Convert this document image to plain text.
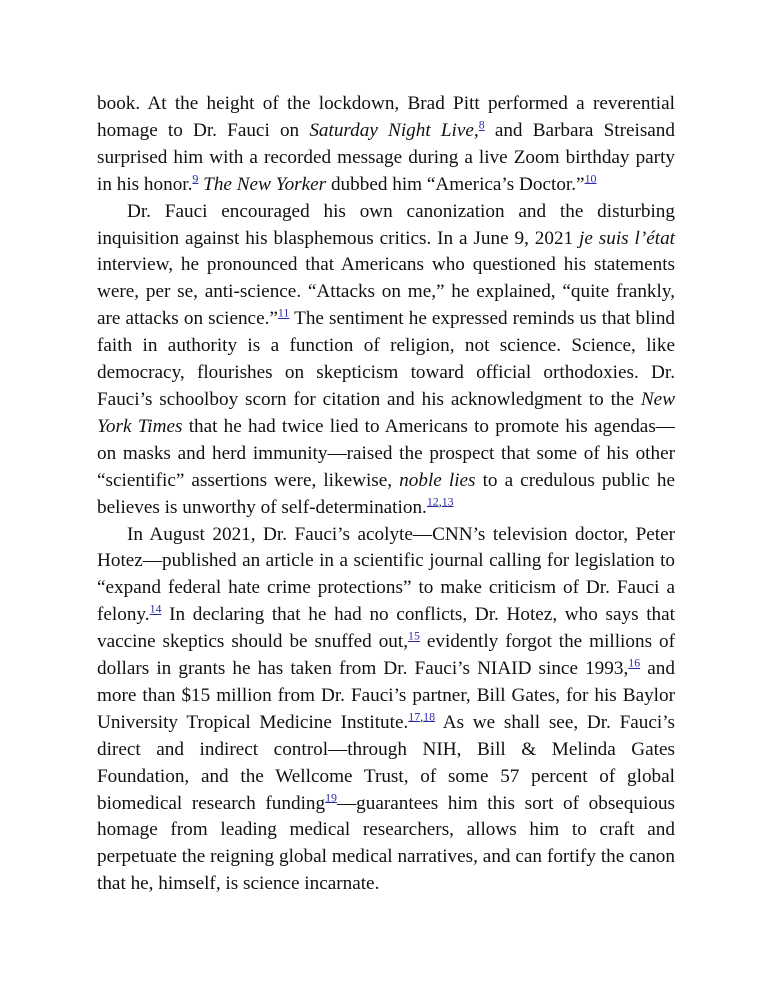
book. At the height of the lockdown, Brad Pitt performed a reverential homage to Dr. Fauci on Saturday Night Live,$^8$ and Barbara Streisand surprised him with a recorded message during a live Zoom birthday party in his honor.$^9$ The New Yorker dubbed him “America’s Doctor.”$^{10}$

Dr. Fauci encouraged his own canonization and the disturbing inquisition against his blasphemous critics. In a June 9, 2021 je suis l’état interview, he pronounced that Americans who questioned his statements were, per se, anti-science. “Attacks on me,” he explained, “quite frankly, are attacks on science.”$^{11}$ The sentiment he expressed reminds us that blind faith in authority is a function of religion, not science. Science, like democracy, flourishes on skepticism toward official orthodoxies. Dr. Fauci’s schoolboy scorn for citation and his acknowledgment to the New York Times that he had twice lied to Americans to promote his agendas—on masks and herd immunity—raised the prospect that some of his other “scientific” assertions were, likewise, noble lies to a credulous public he believes is unworthy of self-determination.$^{12,13}$

In August 2021, Dr. Fauci’s acolyte—CNN’s television doctor, Peter Hotez—published an article in a scientific journal calling for legislation to “expand federal hate crime protections” to make criticism of Dr. Fauci a felony.$^{14}$ In declaring that he had no conflicts, Dr. Hotez, who says that vaccine skeptics should be snuffed out,$^{15}$ evidently forgot the millions of dollars in grants he has taken from Dr. Fauci’s NIAID since 1993,16 and more than $15 million from Dr. Fauci’s partner, Bill Gates, for his Baylor University Tropical Medicine Institute.$^{17,18}$ As we shall see, Dr. Fauci’s direct and indirect control—through NIH, Bill & Melinda Gates Foundation, and the Wellcome Trust, of some 57 percent of global biomedical research funding$^{19}$—guarantees him this sort of obsequious homage from leading medical researchers, allows him to craft and perpetuate the reigning global medical narratives, and can fortify the canon that he, himself, is science incarnate.
